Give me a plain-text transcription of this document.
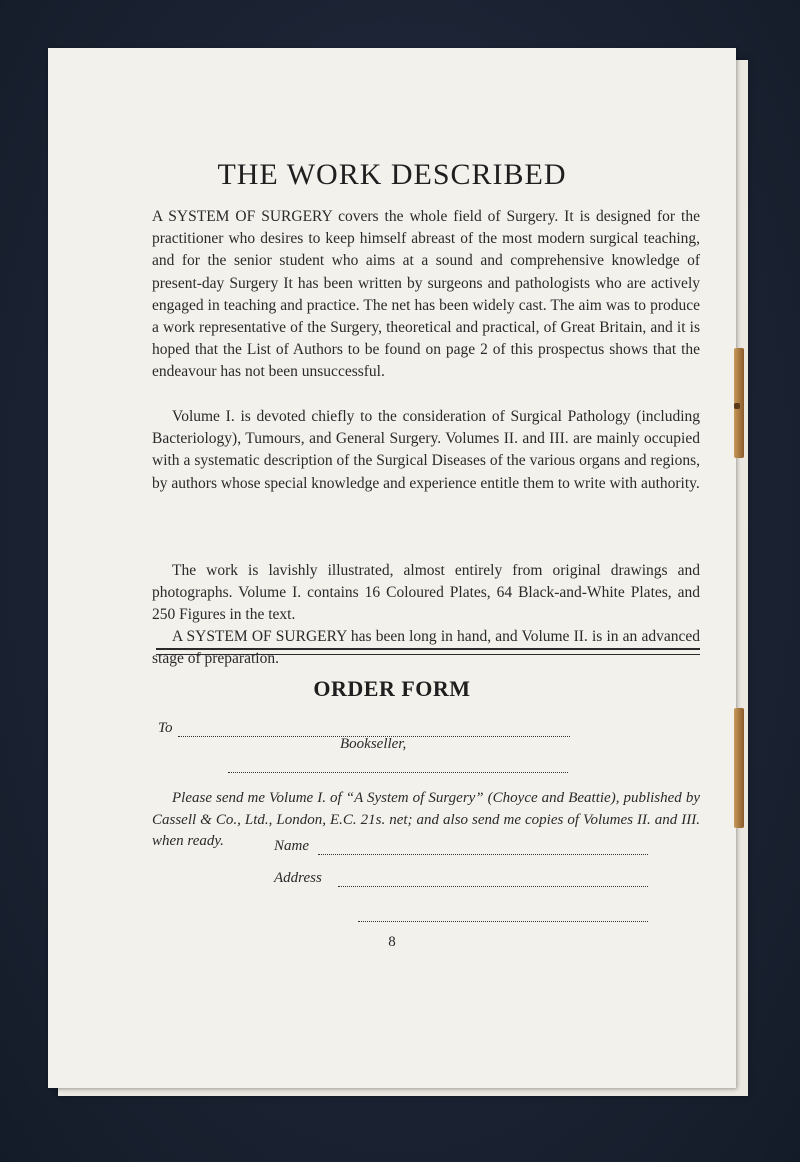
THE WORK DESCRIBED

A SYSTEM OF SURGERY covers the whole field of Surgery. It is designed for the practitioner who desires to keep himself abreast of the most modern surgical teaching, and for the senior student who aims at a sound and comprehensive knowledge of present-day Surgery It has been written by surgeons and pathologists who are actively engaged in teaching and practice. The net has been widely cast. The aim was to produce a work representative of the Surgery, theoretical and practical, of Great Britain, and it is hoped that the List of Authors to be found on page 2 of this prospectus shows that the endeavour has not been unsuccessful.

Volume I. is devoted chiefly to the consideration of Surgical Pathology (including Bacteriology), Tumours, and General Surgery. Volumes II. and III. are mainly occupied with a systematic description of the Surgical Diseases of the various organs and regions, by authors whose special knowledge and experience entitle them to write with authority.

The work is lavishly illustrated, almost entirely from original drawings and photographs. Volume I. contains 16 Coloured Plates, 64 Black-and-White Plates, and 250 Figures in the text.

A SYSTEM OF SURGERY has been long in hand, and Volume II. is in an advanced stage of preparation.

ORDER FORM
To
Bookseller,

Please send me Volume I. of “A System of Surgery” (Choyce and Beattie), published by Cassell & Co., Ltd., London, E.C. 21s. net; and also send me copies of Volumes II. and III. when ready.	Name
Address
8
